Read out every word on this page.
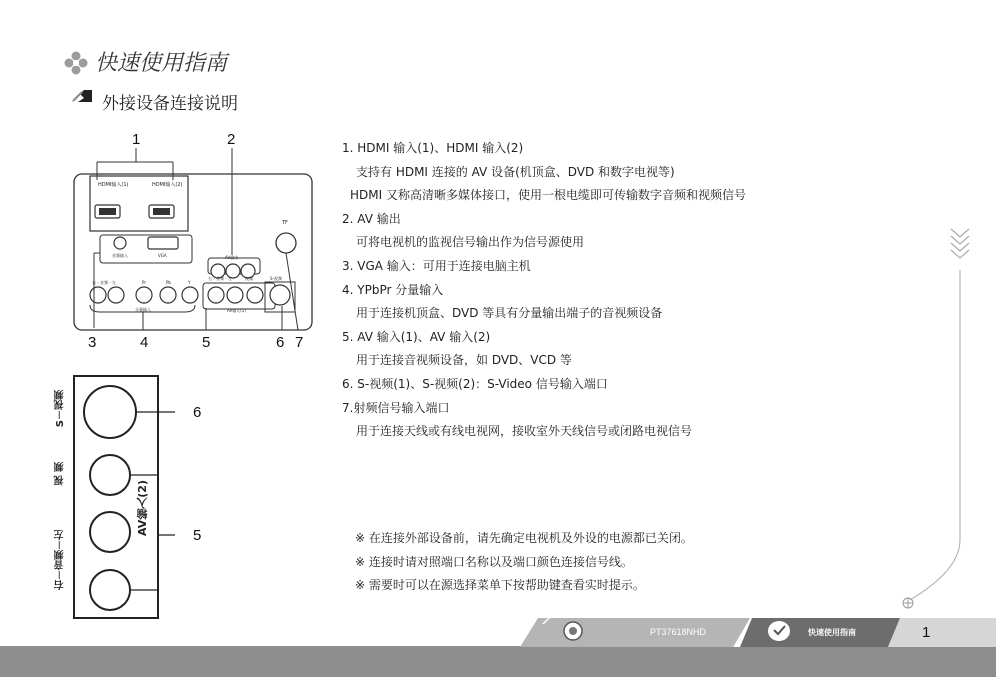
快速使用指南
外接设备连接说明
HDMI输入(1)	HDMI输入(2)
TF
AV输出
音频输入	VGA
右 - 音频 - 左	Pr	Pb	Y
分量输入
右 - 音频 - 左	视频	S-视频
AV输入(1)
1	2
3	4	5	6 7
S－视频
视 频
右－音频－左
AV输入(2)
6
5
1. HDMI 输入(1)、HDMI 输入(2)
支持有 HDMI 连接的 AV 设备(机顶盒、DVD 和数字电视等)
HDMI 又称高清晰多媒体接口，使用一根电缆即可传输数字音频和视频信号
2. AV 输出
可将电视机的监视信号输出作为信号源使用
3. VGA 输入：可用于连接电脑主机
4. YPbPr 分量输入
用于连接机顶盒、DVD 等具有分量输出端子的音视频设备
5. AV 输入(1)、AV 输入(2)
用于连接音视频设备，如 DVD、VCD 等
6. S-视频(1)、S-视频(2)：S-Video 信号输入端口
7.射频信号输入端口
用于连接天线或有线电视网，接收室外天线信号或闭路电视信号
※ 在连接外部设备前，请先确定电视机及外设的电源都已关闭。
※ 连接时请对照端口名称以及端口颜色连接信号线。
※ 需要时可以在源选择菜单下按帮助键查看实时提示。
PT37618NHD	快速使用指南	1
